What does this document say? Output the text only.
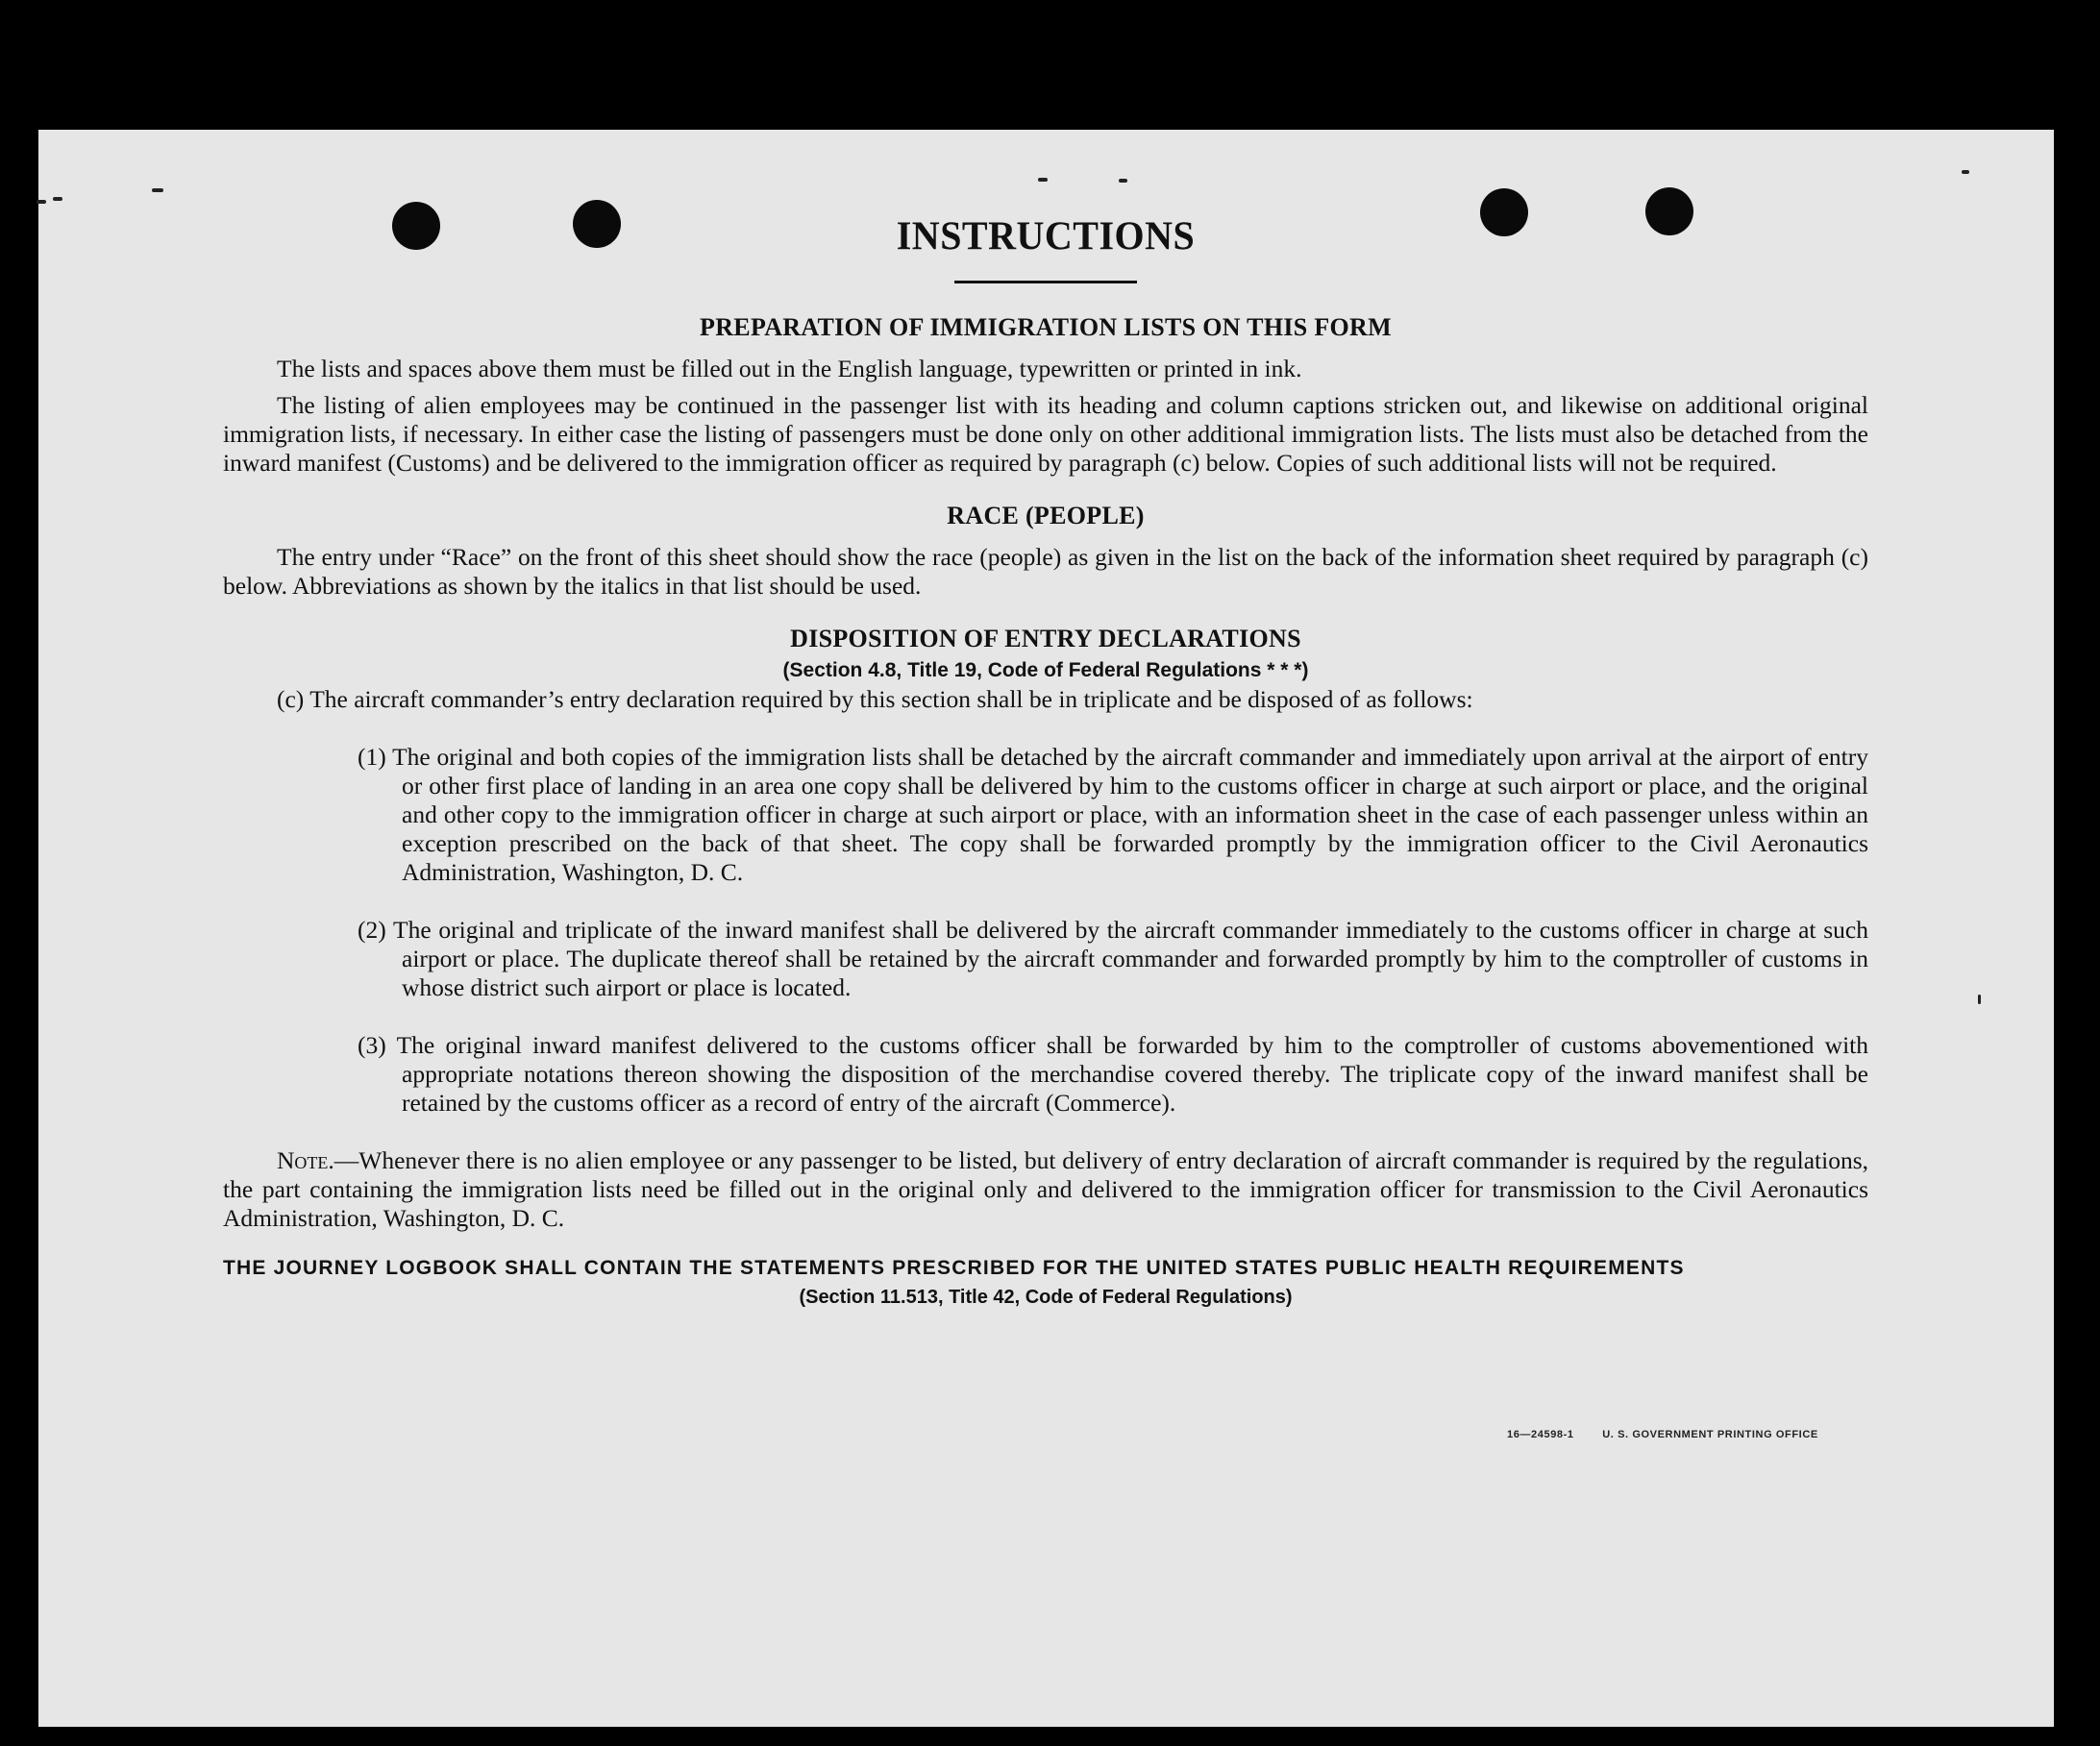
INSTRUCTIONS
PREPARATION OF IMMIGRATION LISTS ON THIS FORM

The lists and spaces above them must be filled out in the English language, typewritten or printed in ink.

The listing of alien employees may be continued in the passenger list with its heading and column captions stricken out, and likewise on additional original immigration lists, if necessary. In either case the listing of passengers must be done only on other additional immigration lists. The lists must also be detached from the inward manifest (Customs) and be delivered to the immigration officer as required by paragraph (c) below. Copies of such additional lists will not be required.

RACE (PEOPLE)

The entry under “Race” on the front of this sheet should show the race (people) as given in the list on the back of the information sheet required by paragraph (c) below. Abbreviations as shown by the italics in that list should be used.

DISPOSITION OF ENTRY DECLARATIONS

(Section 4.8, Title 19, Code of Federal Regulations * * *)

(c) The aircraft commander’s entry declaration required by this section shall be in triplicate and be disposed of as follows:

(1) The original and both copies of the immigration lists shall be detached by the aircraft commander and immediately upon arrival at the airport of entry or other first place of landing in an area one copy shall be delivered by him to the customs officer in charge at such airport or place, and the original and other copy to the immigration officer in charge at such airport or place, with an information sheet in the case of each passenger unless within an exception prescribed on the back of that sheet. The copy shall be forwarded promptly by the immigration officer to the Civil Aeronautics Administration, Washington, D. C.

(2) The original and triplicate of the inward manifest shall be delivered by the aircraft commander immediately to the customs officer in charge at such airport or place. The duplicate thereof shall be retained by the aircraft commander and forwarded promptly by him to the comptroller of customs in whose district such airport or place is located.

(3) The original inward manifest delivered to the customs officer shall be forwarded by him to the comptroller of customs abovementioned with appropriate notations thereon showing the disposition of the merchandise covered thereby. The triplicate copy of the inward manifest shall be retained by the customs officer as a record of entry of the aircraft (Commerce).

Note.—Whenever there is no alien employee or any passenger to be listed, but delivery of entry declaration of aircraft commander is required by the regulations, the part containing the immigration lists need be filled out in the original only and delivered to the immigration officer for transmission to the Civil Aeronautics Administration, Washington, D. C.

THE JOURNEY LOGBOOK SHALL CONTAIN THE STATEMENTS PRESCRIBED FOR THE UNITED STATES PUBLIC HEALTH REQUIREMENTS

(Section 11.513, Title 42, Code of Federal Regulations)

16—24598-1	U. S. GOVERNMENT PRINTING OFFICE
